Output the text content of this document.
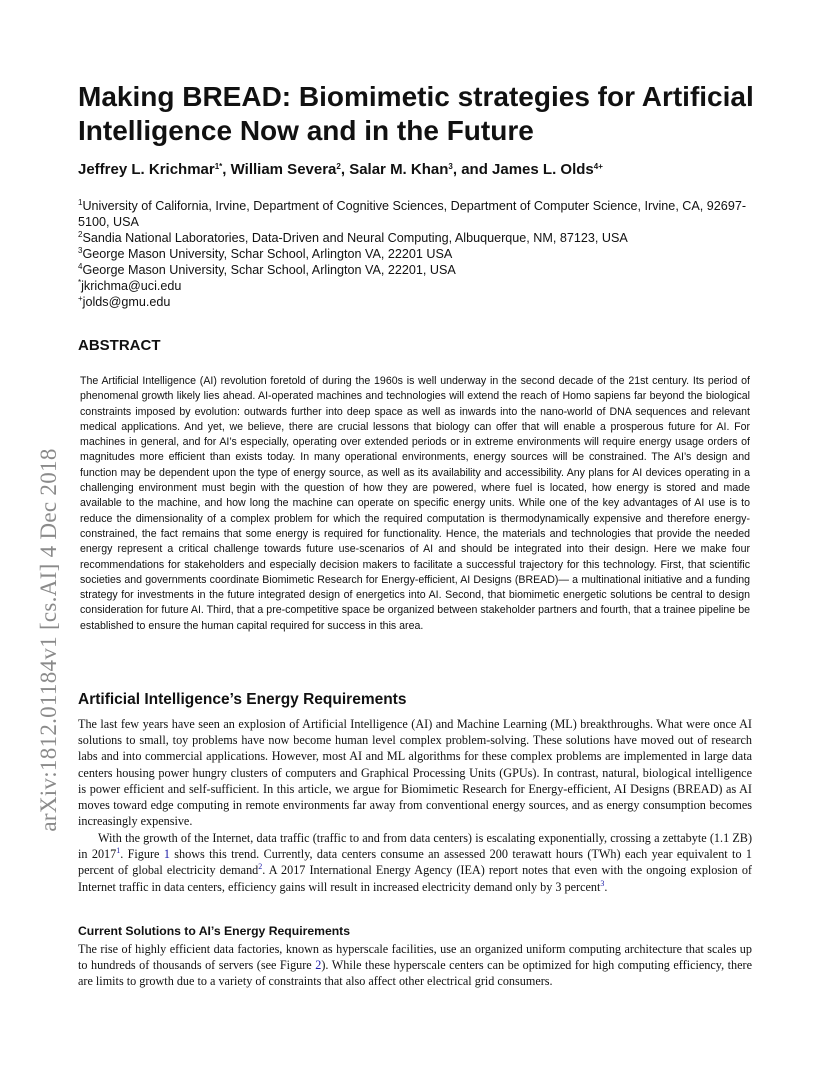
arXiv:1812.01184v1 [cs.AI] 4 Dec 2018
Making BREAD: Biomimetic strategies for Artificial Intelligence Now and in the Future

Jeffrey L. Krichmar$^{1*}$, William Severa$^2$, Salar M. Khan$^3$, and James L. Olds$^{4+}$

$^1$University of California, Irvine, Department of Cognitive Sciences, Department of Computer Science, Irvine, CA, 92697-5100, USA
$^2$Sandia National Laboratories, Data-Driven and Neural Computing, Albuquerque, NM, 87123, USA
$^3$George Mason University, Schar School, Arlington VA, 22201 USA
$^4$George Mason University, Schar School, Arlington VA, 22201, USA
*jkrichma@uci.edu
+jolds@gmu.edu
ABSTRACT

The Artificial Intelligence (AI) revolution foretold of during the 1960s is well underway in the second decade of the 21st century. Its period of phenomenal growth likely lies ahead. AI-operated machines and technologies will extend the reach of Homo sapiens far beyond the biological constraints imposed by evolution: outwards further into deep space as well as inwards into the nano-world of DNA sequences and relevant medical applications. And yet, we believe, there are crucial lessons that biology can offer that will enable a prosperous future for AI. For machines in general, and for AI’s especially, operating over extended periods or in extreme environments will require energy usage orders of magnitudes more efficient than exists today. In many operational environments, energy sources will be constrained. The AI’s design and function may be dependent upon the type of energy source, as well as its availability and accessibility. Any plans for AI devices operating in a challenging environment must begin with the question of how they are powered, where fuel is located, how energy is stored and made available to the machine, and how long the machine can operate on specific energy units. While one of the key advantages of AI use is to reduce the dimensionality of a complex problem for which the required computation is thermodynamically expensive and therefore energy-constrained, the fact remains that some energy is required for functionality. Hence, the materials and technologies that provide the needed energy represent a critical challenge towards future use-scenarios of AI and should be integrated into their design. Here we make four recommendations for stakeholders and especially decision makers to facilitate a successful trajectory for this technology. First, that scientific societies and governments coordinate Biomimetic Research for Energy-efficient, AI Designs (BREAD)— a multinational initiative and a funding strategy for investments in the future integrated design of energetics into AI. Second, that biomimetic energetic solutions be central to design consideration for future AI. Third, that a pre-competitive space be organized between stakeholder partners and fourth, that a trainee pipeline be established to ensure the human capital required for success in this area.

Artificial Intelligence’s Energy Requirements

The last few years have seen an explosion of Artificial Intelligence (AI) and Machine Learning (ML) breakthroughs. What were once AI solutions to small, toy problems have now become human level complex problem-solving. These solutions have moved out of research labs and into commercial applications. However, most AI and ML algorithms for these complex problems are implemented in large data centers housing power hungry clusters of computers and Graphical Processing Units (GPUs). In contrast, natural, biological intelligence is power efficient and self-sufficient. In this article, we argue for Biomimetic Research for Energy-efficient, AI Designs (BREAD) as AI moves toward edge computing in remote environments far away from conventional energy sources, and as energy consumption becomes increasingly expensive.

With the growth of the Internet, data traffic (traffic to and from data centers) is escalating exponentially, crossing a zettabyte (1.1 ZB) in 2017$^1$. Figure 1 shows this trend. Currently, data centers consume an assessed 200 terawatt hours (TWh) each year equivalent to 1 percent of global electricity demand$^2$. A 2017 International Energy Agency (IEA) report notes that even with the ongoing explosion of Internet traffic in data centers, efficiency gains will result in increased electricity demand only by 3 percent$^3$.

Current Solutions to AI’s Energy Requirements

The rise of highly efficient data factories, known as hyperscale facilities, use an organized uniform computing architecture that scales up to hundreds of thousands of servers (see Figure 2). While these hyperscale centers can be optimized for high computing efficiency, there are limits to growth due to a variety of constraints that also affect other electrical grid consumers.
